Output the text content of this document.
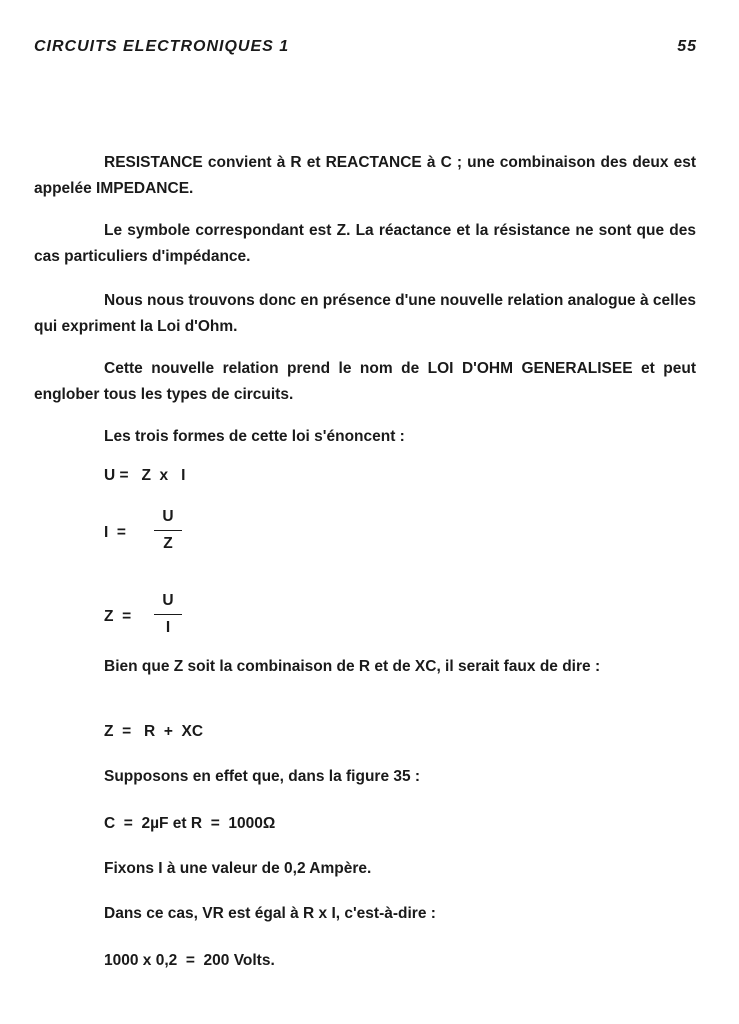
CIRCUITS ELECTRONIQUES 1	55
RESISTANCE convient à R et REACTANCE à C ; une combinaison des deux est appelée IMPEDANCE.
Le symbole correspondant est Z. La réactance et la résistance ne sont que des cas particuliers d'impédance.
Nous nous trouvons donc en présence d'une nouvelle relation analogue à celles qui expriment la Loi d'Ohm.
Cette nouvelle relation prend le nom de LOI D'OHM GENERALISEE et peut englober tous les types de circuits.
Les trois formes de cette loi s'énoncent :
U =   Z  x   I
I  =
U
Z
Z  =
U
I
Bien que Z soit la combinaison de R et de XC, il serait faux de dire :
Z  =   R  +  XC
Supposons en effet que, dans la figure 35 :
C  =  2µF et R  =  1000Ω
Fixons I à une valeur de 0,2 Ampère.
Dans ce cas, VR est égal à R x I, c'est-à-dire :
1000 x 0,2  =  200 Volts.
